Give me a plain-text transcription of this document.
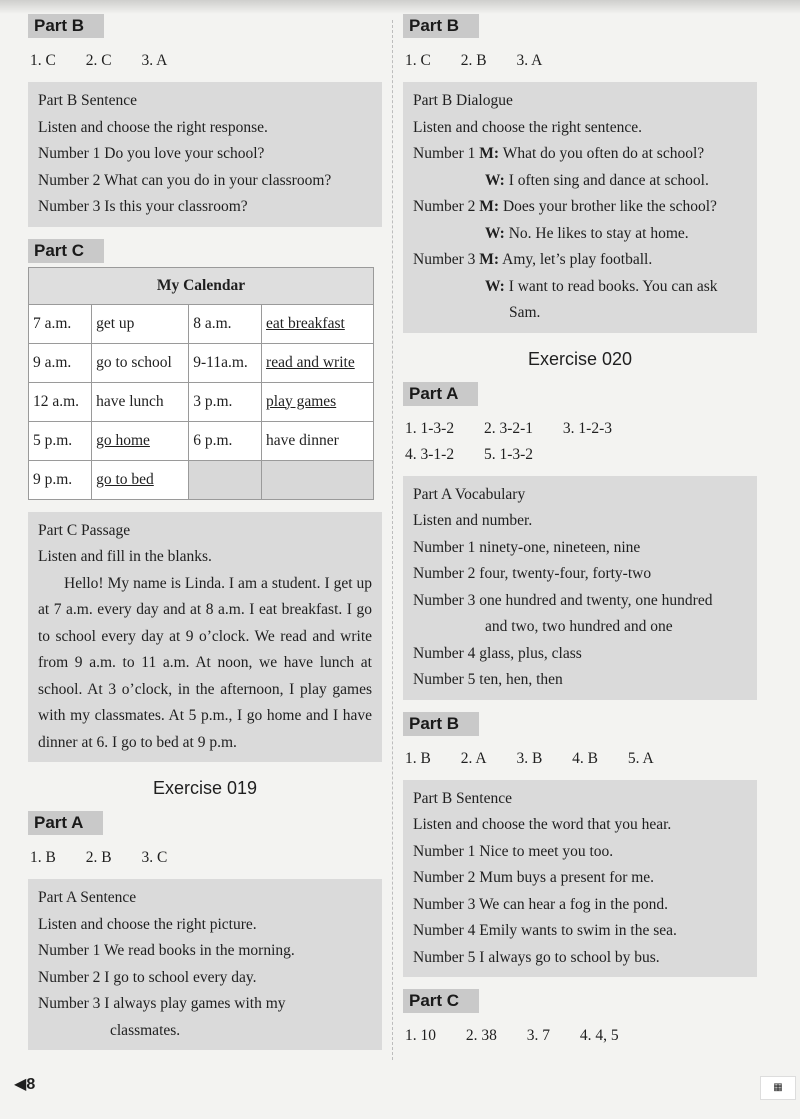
Part B
1. C 2. C 3. A

Part B Sentence

Listen and choose the right response.

Number 1 Do you love your school?

Number 2 What can you do in your classroom?

Number 3 Is this your classroom?

Part C
My Calendar			
7 a.m.	get up	8 a.m.	eat breakfast
9 a.m.	go to school	9-11a.m.	read and write
12 a.m.	have lunch	3 p.m.	play games
5 p.m.	go home	6 p.m.	have dinner
9 p.m.	go to bed		

Part C Passage

Listen and fill in the blanks.

Hello! My name is Linda. I am a student. I get up at 7 a.m. every day and at 8 a.m. I eat breakfast. I go to school every day at 9 o’clock. We read and write from 9 a.m. to 11 a.m. At noon, we have lunch at school. At 3 o’clock, in the afternoon, I play games with my classmates. At 5 p.m., I go home and I have dinner at 6. I go to bed at 9 p.m.

Exercise 019
Part A
1. B 2. B 3. C

Part A Sentence

Listen and choose the right picture.

Number 1 We read books in the morning.

Number 2 I go to school every day.

Number 3 I always play games with my

classmates.

Part B
1. C 2. B 3. A

Part B Dialogue

Listen and choose the right sentence.

Number 1 M: What do you often do at school?

W: I often sing and dance at school.

Number 2 M: Does your brother like the school?

W: No. He likes to stay at home.

Number 3 M: Amy, let’s play football.

W: I want to read books. You can ask

Sam.

Exercise 020
Part A
1. 1-3-2 2. 3-2-1 3. 1-2-3
4. 3-1-2 5. 1-3-2

Part A Vocabulary

Listen and number.

Number 1 ninety-one, nineteen, nine

Number 2 four, twenty-four, forty-two

Number 3 one hundred and twenty, one hundred

and two, two hundred and one

Number 4 glass, plus, class

Number 5 ten, hen, then

Part B
1. B 2. A 3. B 4. B 5. A

Part B Sentence

Listen and choose the word that you hear.

Number 1 Nice to meet you too.

Number 2 Mum buys a present for me.

Number 3 We can hear a fog in the pond.

Number 4 Emily wants to swim in the sea.

Number 5 I always go to school by bus.

Part C
1. 10 2. 38 3. 7 4. 4, 5
◀8	▦
